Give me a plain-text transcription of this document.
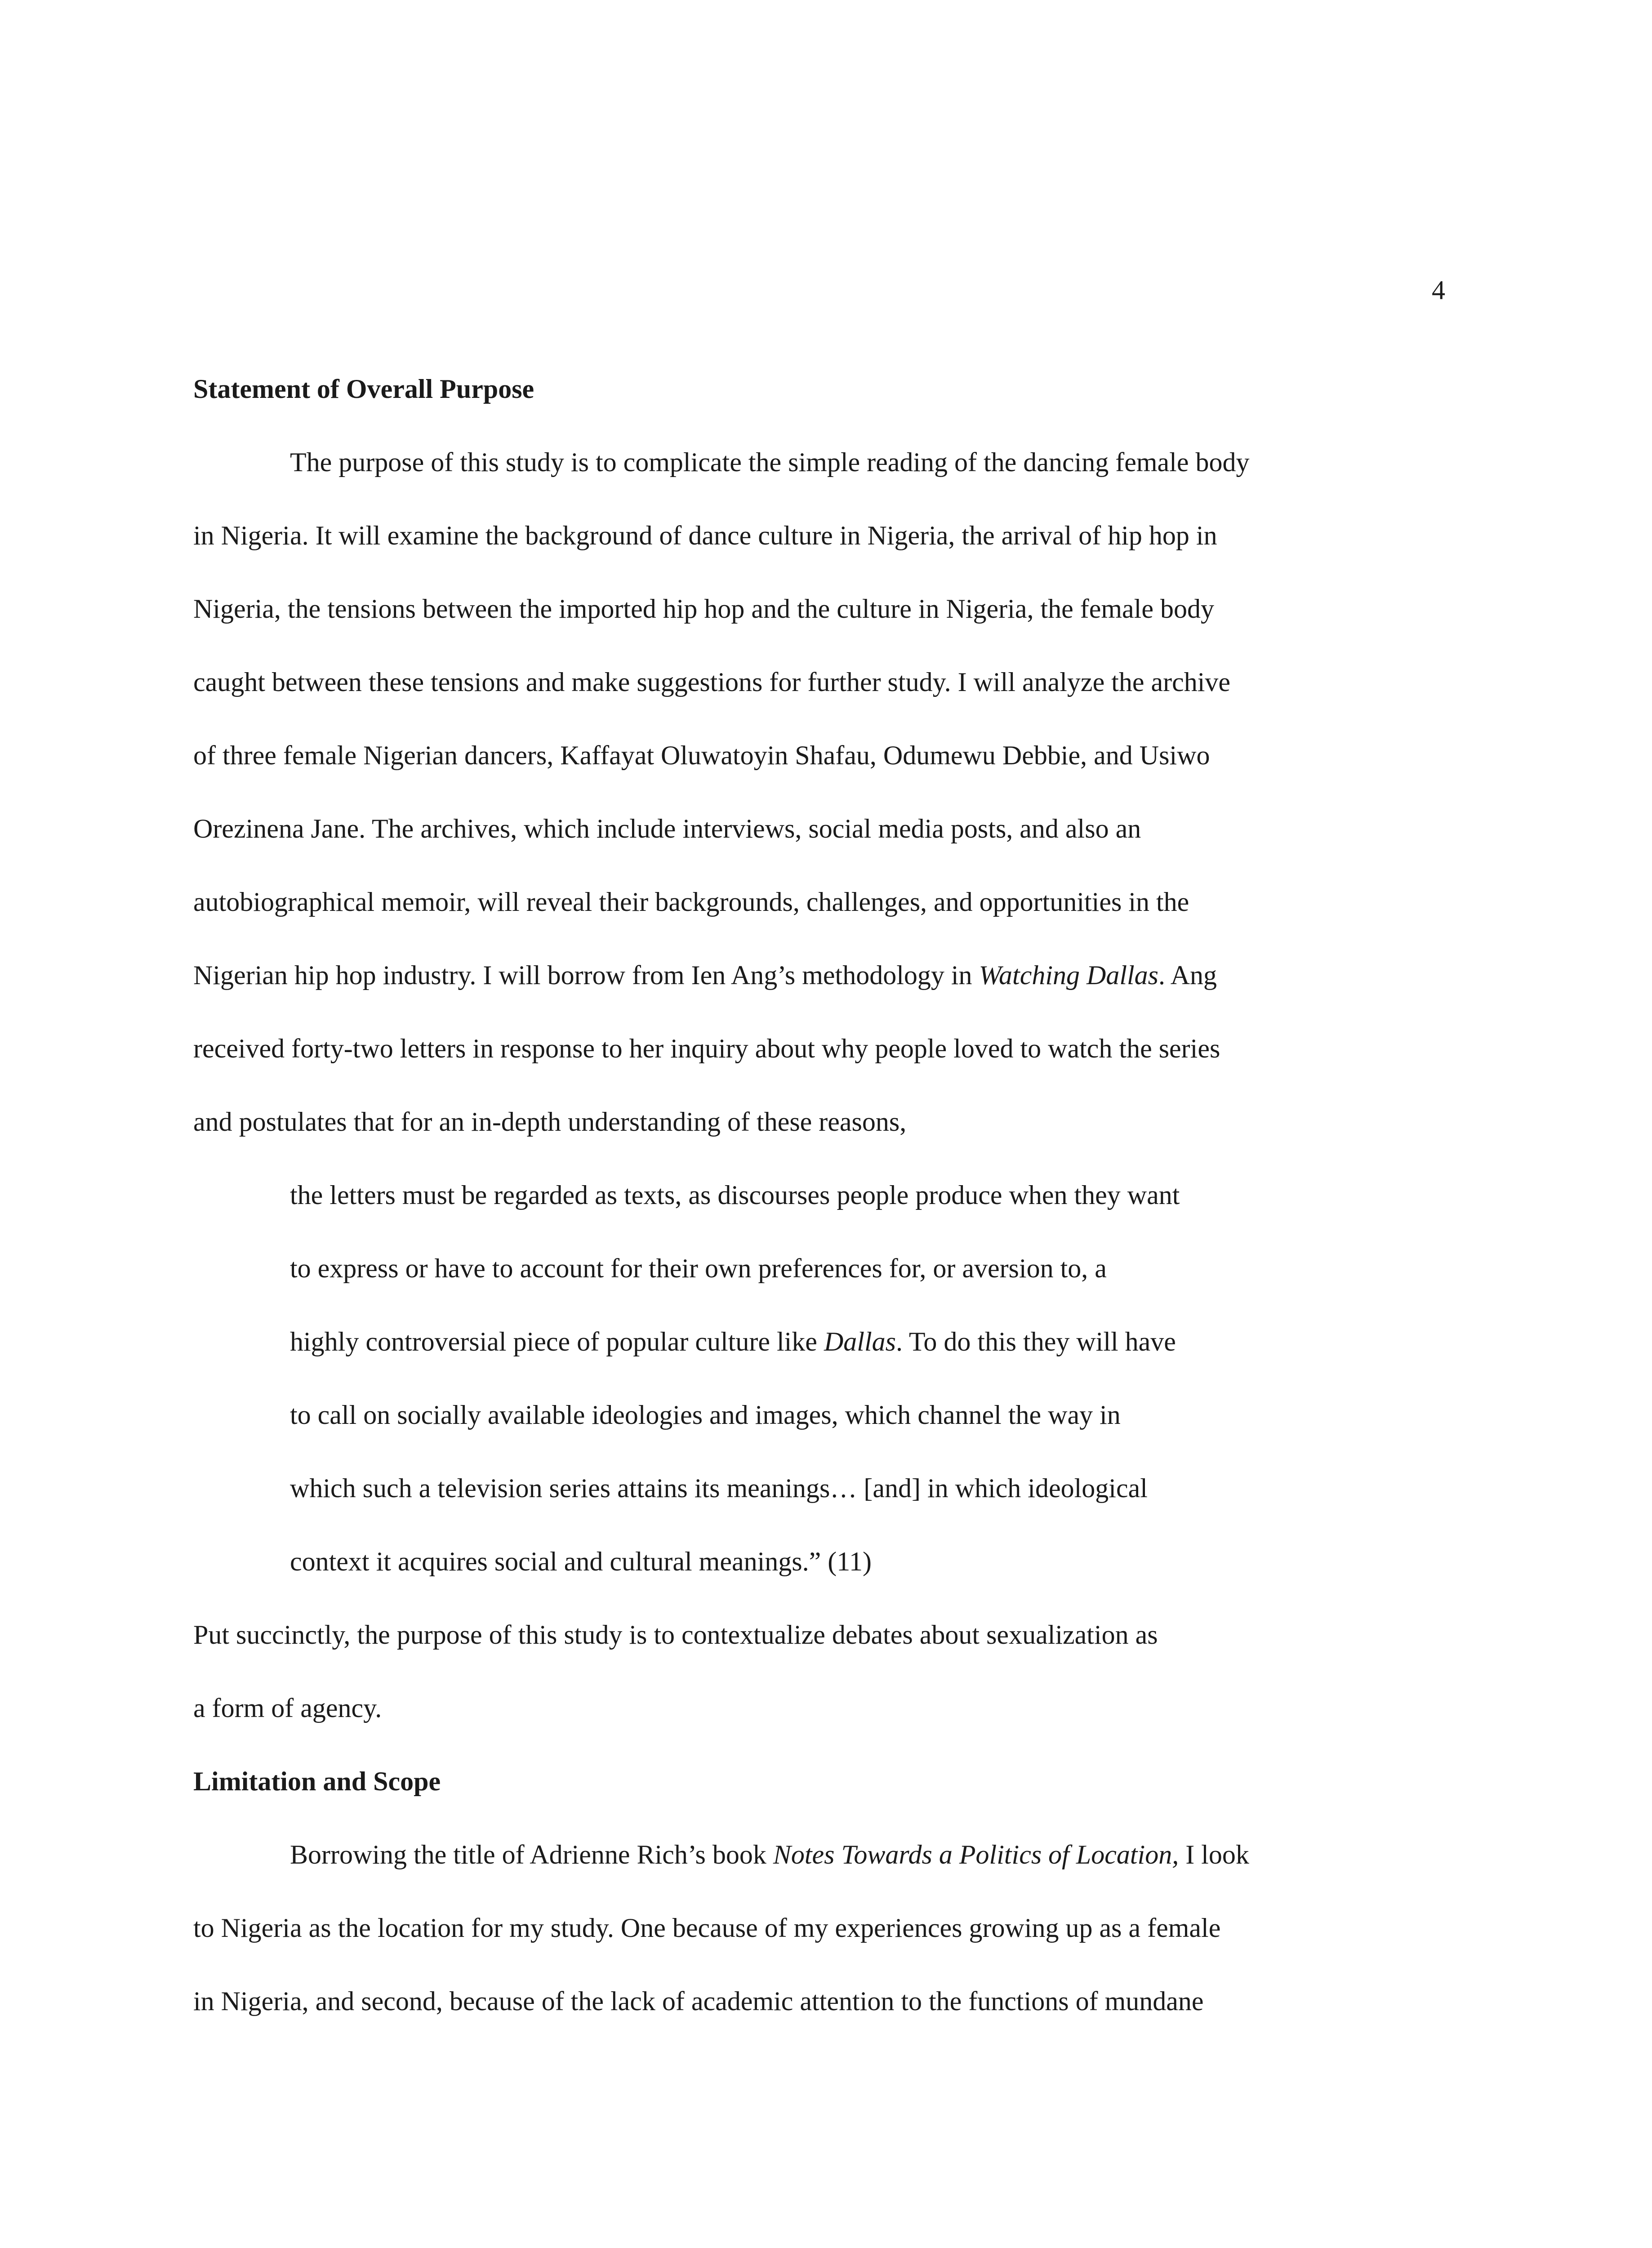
4
Statement of Overall Purpose
The purpose of this study is to complicate the simple reading of the dancing female body
in Nigeria. It will examine the background of dance culture in Nigeria, the arrival of hip hop in
Nigeria, the tensions between the imported hip hop and the culture in Nigeria, the female body
caught between these tensions and make suggestions for further study. I will analyze the archive
of three female Nigerian dancers, Kaffayat Oluwatoyin Shafau, Odumewu Debbie, and Usiwo
Orezinena Jane. The archives, which include interviews, social media posts, and also an
autobiographical memoir, will reveal their backgrounds, challenges, and opportunities in the
Nigerian hip hop industry. I will borrow from Ien Ang’s methodology in Watching Dallas. Ang
received forty-two letters in response to her inquiry about why people loved to watch the series
and postulates that for an in-depth understanding of these reasons,
the letters must be regarded as texts, as discourses people produce when they want
to express or have to account for their own preferences for, or aversion to, a
highly controversial piece of popular culture like Dallas. To do this they will have
to call on socially available ideologies and images, which channel the way in
which such a television series attains its meanings… [and] in which ideological
context it acquires social and cultural meanings.” (11)
Put succinctly, the purpose of this study is to contextualize debates about sexualization as
a form of agency.
Limitation and Scope
Borrowing the title of Adrienne Rich’s book Notes Towards a Politics of Location, I look
to Nigeria as the location for my study. One because of my experiences growing up as a female
in Nigeria, and second, because of the lack of academic attention to the functions of mundane
